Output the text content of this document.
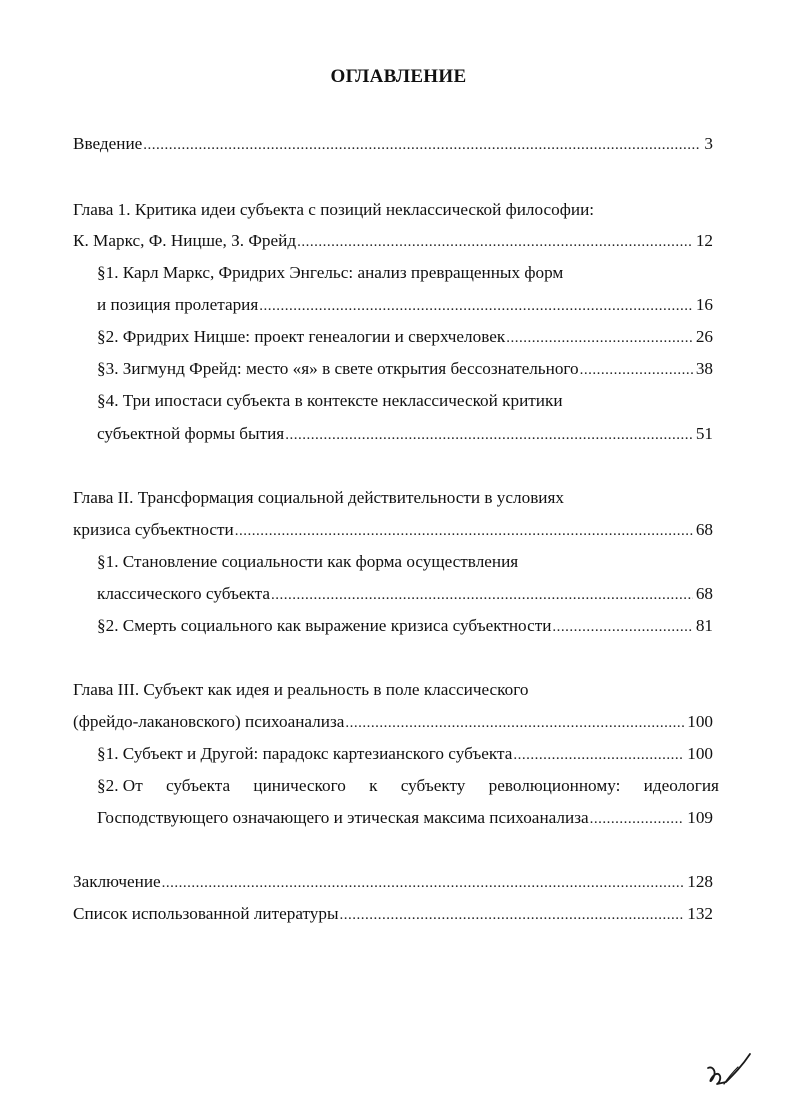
ОГЛАВЛЕНИЕ
Введение .....	3
Глава 1. Критика идеи субъекта с позиций неклассической философии:
К. Маркс, Ф. Ницше, З. Фрейд .....	12
§1. Карл Маркс, Фридрих Энгельс: анализ превращенных форм
и позиция пролетария .....	16
§2. Фридрих Ницше: проект генеалогии и сверхчеловек .....	26
§3. Зигмунд Фрейд: место «я» в свете открытия бессознательного .....	38
§4. Три ипостаси субъекта в контексте неклассической критики
субъектной формы бытия .....	51
Глава II. Трансформация социальной действительности в условиях
кризиса субъектности .....	68
§1. Становление социальности как форма осуществления
классического субъекта .....	68
§2. Смерть социального как выражение кризиса субъектности .....	81
Глава III. Субъект как идея и реальность в поле классического
(фрейдо-лакановского) психоанализа .....	100
§1. Субъект и Другой: парадокс картезианского субъекта .....	100
§2. От субъекта цинического к субъекту революционному: идеология
Господствующего означающего и этическая максима психоанализа .....	109
Заключение .....	128
Список использованной литературы .....	132
